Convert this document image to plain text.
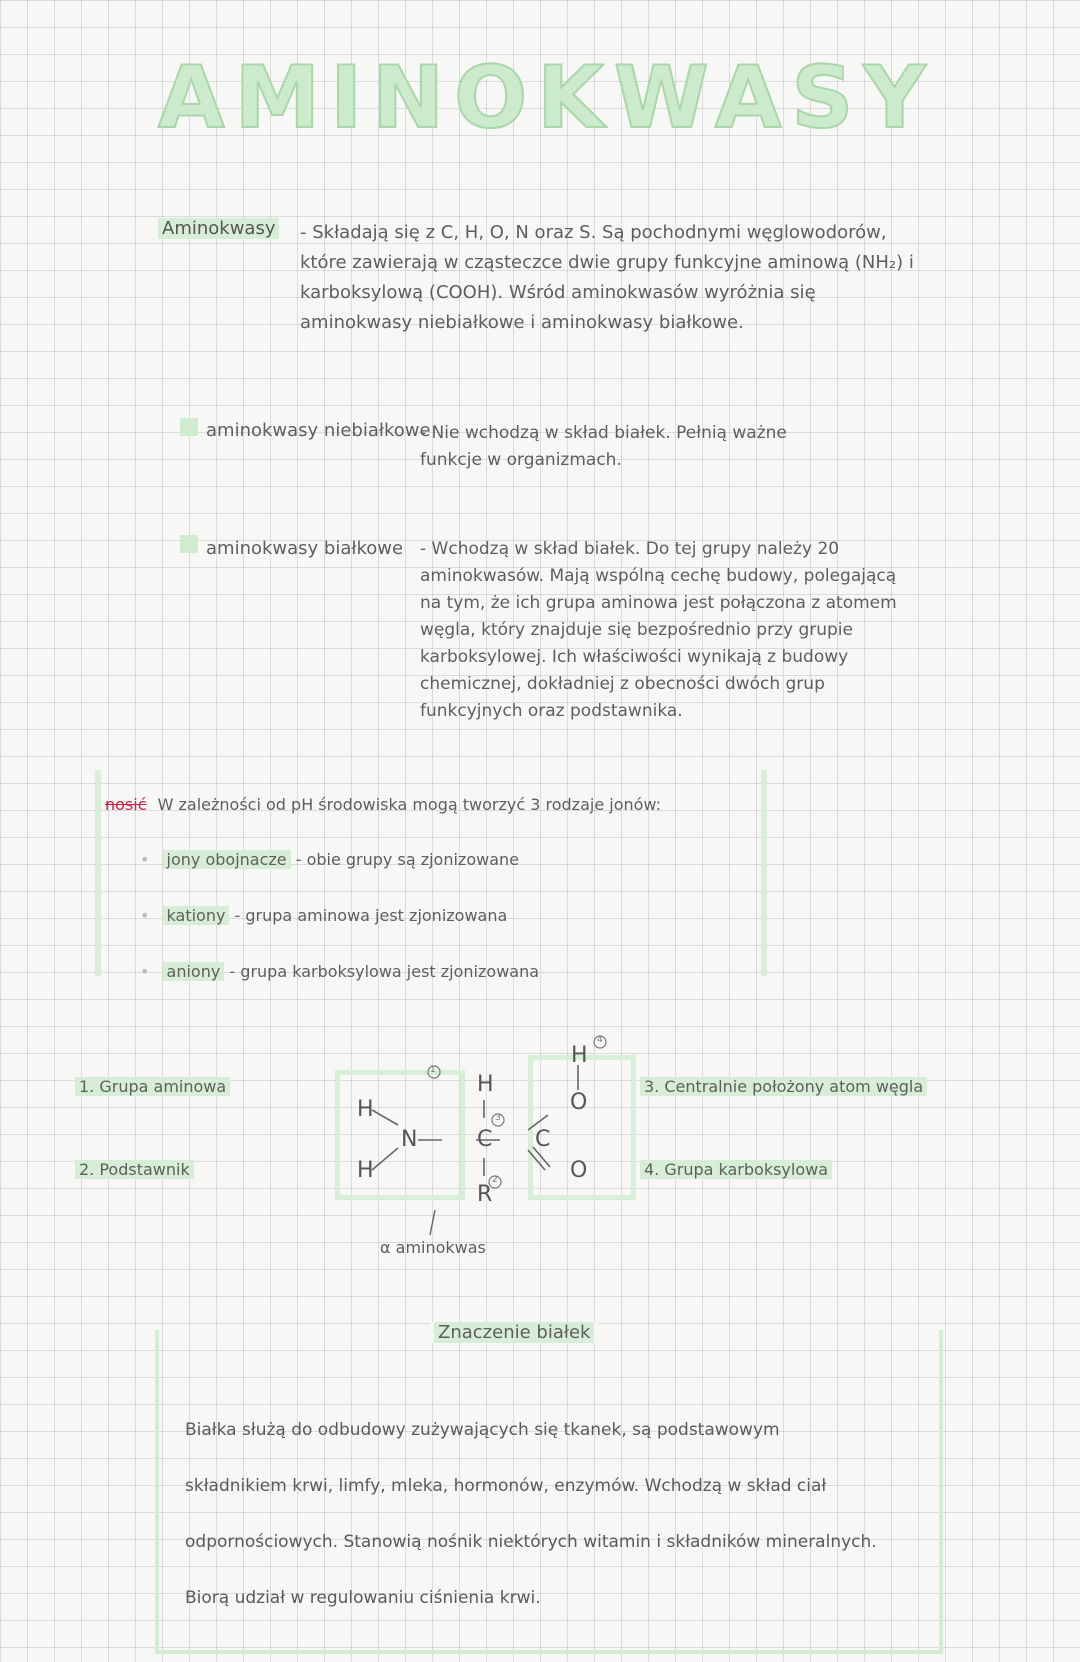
AMINOKWASY
Aminokwasy - Składają się z C, H, O, N oraz S. Są pochodnymi węglowodorów, które zawierają w cząsteczce dwie grupy funkcyjne aminową (NH₂) i karboksylową (COOH). Wśród aminokwasów wyróżnia się aminokwasy niebiałkowe i aminokwasy białkowe.
aminokwasy niebiałkowe
- Nie wchodzą w skład białek. Pełnią ważne funkcje w organizmach.
aminokwasy białkowe - Wchodzą w skład białek. Do tej grupy należy 20 aminokwasów. Mają wspólną cechę budowy, polegającą na tym, że ich grupa aminowa jest połączona z atomem węgla, który znajduje się bezpośrednio przy grupie karboksylowej. Ich właściwości wynikają z budowy chemicznej, dokładniej z obecności dwóch grup funkcyjnych oraz podstawnika.
nosić W zależności od pH środowiska mogą tworzyć 3 rodzaje jonów:
• jony obojnacze - obie grupy są zjonizowane
• kationy - grupa aminowa jest zjonizowana
• aniony - grupa karboksylowa jest zjonizowana
1. Grupa aminowa
2. Podstawnik
3. Centralnie położony atom węgla
4. Grupa karboksylowa
H
H
N
H
C
R
C
O
O
H
1
3
2
4
α aminokwas
Znaczenie białek
Białka służą do odbudowy zużywających się tkanek, są podstawowym składnikiem krwi, limfy, mleka, hormonów, enzymów. Wchodzą w skład ciał odpornościowych. Stanowią nośnik niektórych witamin i składników mineralnych. Biorą udział w regulowaniu ciśnienia krwi.
